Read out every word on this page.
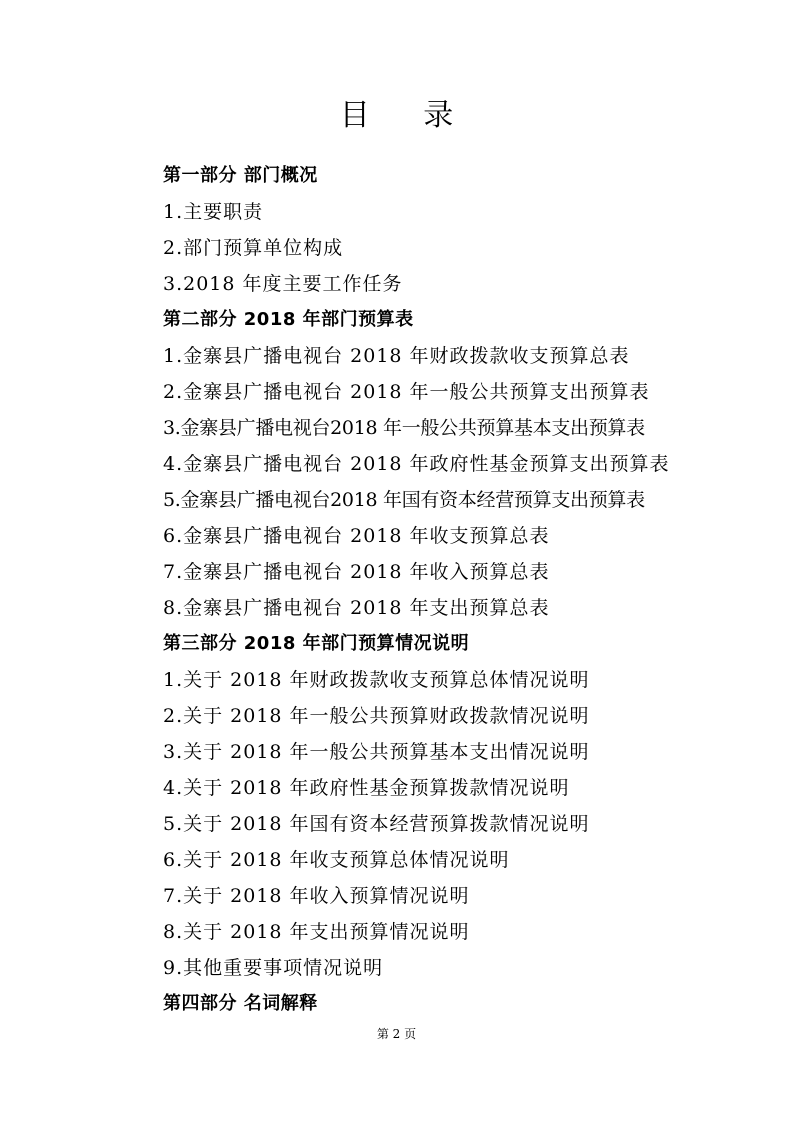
目 录
第一部分 部门概况
1.主要职责
2.部门预算单位构成
3.2018 年度主要工作任务
第二部分 2018 年部门预算表
1.金寨县广播电视台 2018 年财政拨款收支预算总表
2.金寨县广播电视台 2018 年一般公共预算支出预算表
3.金寨县广播电视台2018 年一般公共预算基本支出预算表
4.金寨县广播电视台 2018 年政府性基金预算支出预算表
5.金寨县广播电视台2018 年国有资本经营预算支出预算表
6.金寨县广播电视台 2018 年收支预算总表
7.金寨县广播电视台 2018 年收入预算总表
8.金寨县广播电视台 2018 年支出预算总表
第三部分 2018 年部门预算情况说明
1.关于 2018 年财政拨款收支预算总体情况说明
2.关于 2018 年一般公共预算财政拨款情况说明
3.关于 2018 年一般公共预算基本支出情况说明
4.关于 2018 年政府性基金预算拨款情况说明
5.关于 2018 年国有资本经营预算拨款情况说明
6.关于 2018 年收支预算总体情况说明
7.关于 2018 年收入预算情况说明
8.关于 2018 年支出预算情况说明
9.其他重要事项情况说明
第四部分 名词解释
第 2 页
